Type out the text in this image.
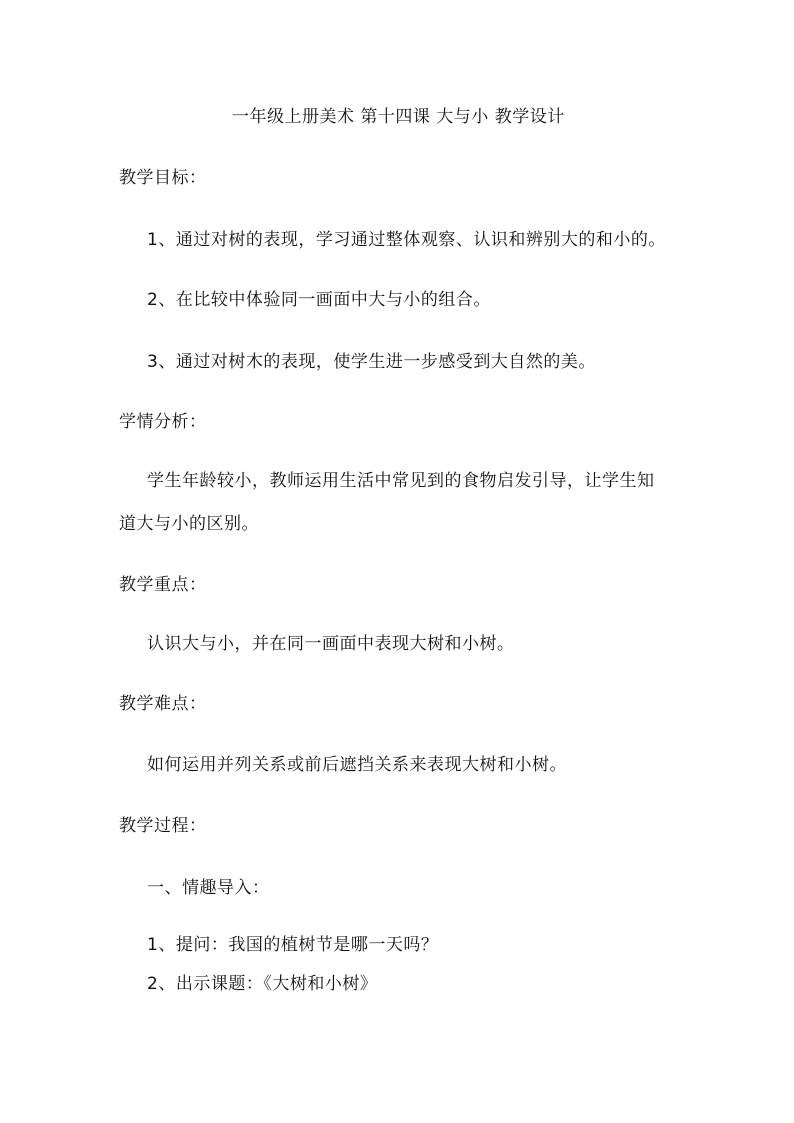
一年级上册美术 第十四课 大与小 教学设计
教学目标：
1、通过对树的表现，学习通过整体观察、认识和辨别大的和小的。
2、在比较中体验同一画面中大与小的组合。
3、通过对树木的表现，使学生进一步感受到大自然的美。
学情分析：
学生年龄较小，教师运用生活中常见到的食物启发引导，让学生知
道大与小的区别。
教学重点：
认识大与小，并在同一画面中表现大树和小树。
教学难点：
如何运用并列关系或前后遮挡关系来表现大树和小树。
教学过程：
一、情趣导入：
1、提问：我国的植树节是哪一天吗？
2、出示课题：《大树和小树》
